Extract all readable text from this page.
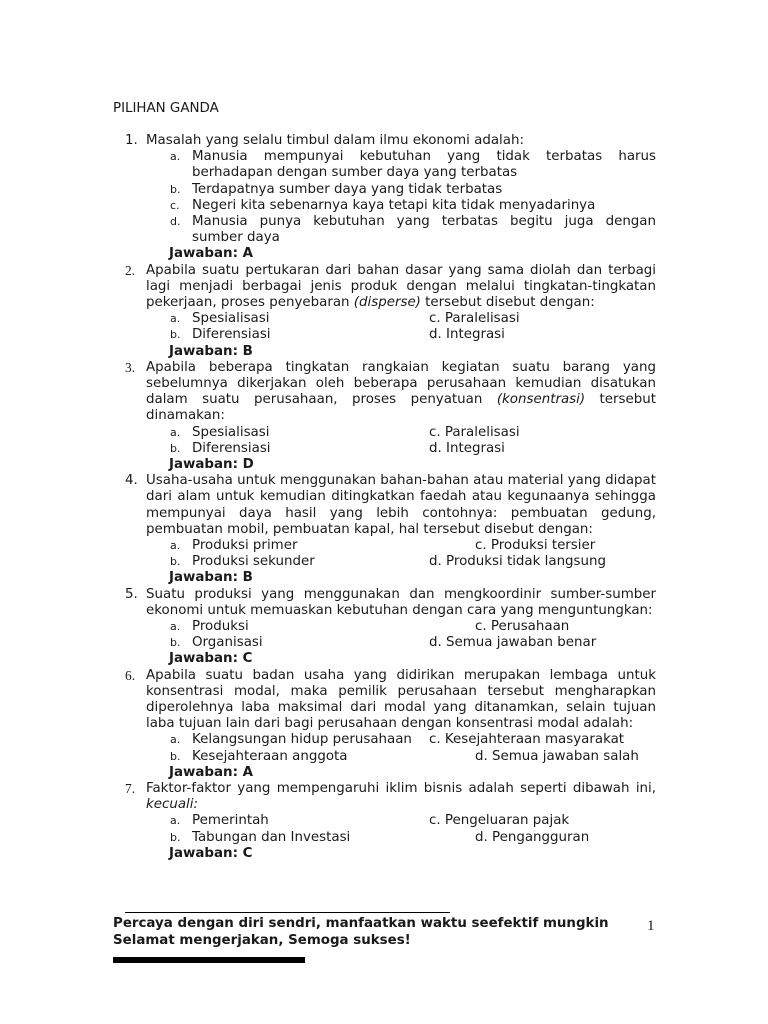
PILIHAN GANDA
1. Masalah yang selalu timbul dalam ilmu ekonomi adalah:
a. Manusia mempunyai kebutuhan yang tidak terbatas harus berhadapan dengan sumber daya yang terbatas
b. Terdapatnya sumber daya yang tidak terbatas
c. Negeri kita sebenarnya kaya tetapi kita tidak menyadarinya
d. Manusia punya kebutuhan yang terbatas begitu juga dengan sumber daya
Jawaban: A
2. Apabila suatu pertukaran dari bahan dasar yang sama diolah dan terbagi lagi menjadi berbagai jenis produk dengan melalui tingkatan-tingkatan pekerjaan, proses penyebaran (disperse) tersebut disebut dengan:
a. Spesialisasi	c. Paralelisasi
b. Diferensiasi	d. Integrasi
Jawaban: B
3. Apabila beberapa tingkatan rangkaian kegiatan suatu barang yang sebelumnya dikerjakan oleh beberapa perusahaan kemudian disatukan dalam suatu perusahaan, proses penyatuan (konsentrasi) tersebut dinamakan:
a. Spesialisasi	c. Paralelisasi
b. Diferensiasi	d. Integrasi
Jawaban: D
4. Usaha-usaha untuk menggunakan bahan-bahan atau material yang didapat dari alam untuk kemudian ditingkatkan faedah atau kegunaanya sehingga mempunyai daya hasil yang lebih contohnya: pembuatan gedung, pembuatan mobil, pembuatan kapal, hal tersebut disebut dengan:
a. Produksi primer	c. Produksi tersier
b. Produksi sekunder	d. Produksi tidak langsung
Jawaban: B
5. Suatu produksi yang menggunakan dan mengkoordinir sumber-sumber ekonomi untuk memuaskan kebutuhan dengan cara yang menguntungkan:
a. Produksi	c. Perusahaan
b. Organisasi	d. Semua jawaban benar
Jawaban: C
6. Apabila suatu badan usaha yang didirikan merupakan lembaga untuk konsentrasi modal, maka pemilik perusahaan tersebut mengharapkan diperolehnya laba maksimal dari modal yang ditanamkan, selain tujuan laba tujuan lain dari bagi perusahaan dengan konsentrasi modal adalah:
a. Kelangsungan hidup perusahaan c. Kesejahteraan masyarakat
b. Kesejahteraan anggota	d. Semua jawaban salah
Jawaban: A
7. Faktor-faktor yang mempengaruhi iklim bisnis adalah seperti dibawah ini, kecuali:
a. Pemerintah	c. Pengeluaran pajak
b. Tabungan dan Investasi	d. Pengangguran
Jawaban: C
Percaya dengan diri sendri, manfaatkan waktu seefektif mungkin
Selamat mengerjakan, Semoga sukses!
1
